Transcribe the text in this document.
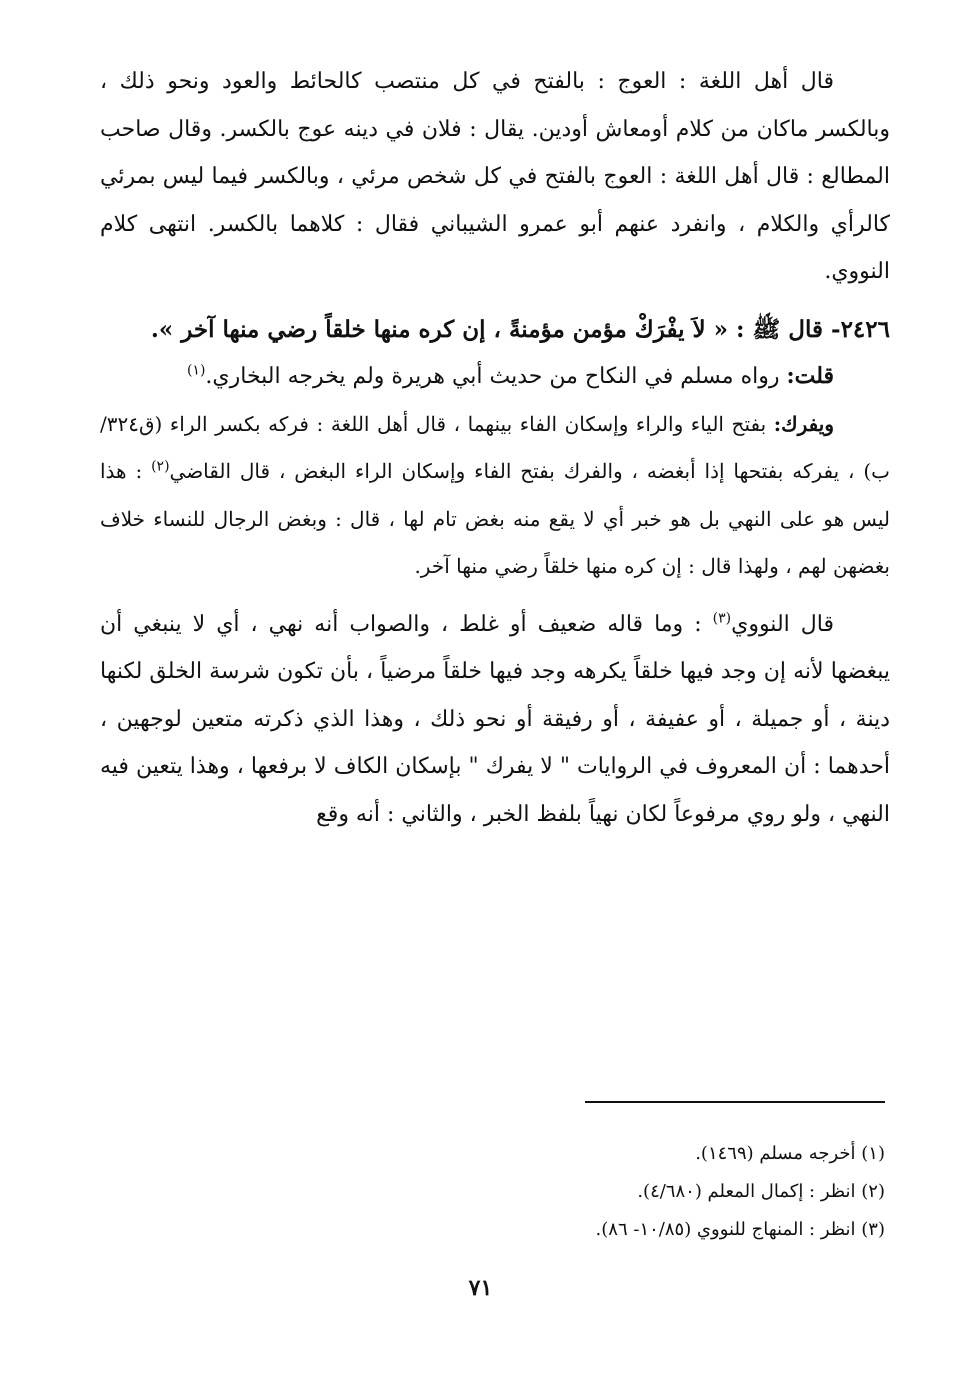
قال أهل اللغة : العوج : بالفتح في كل منتصب كالحائط والعود ونحو ذلك ، وبالكسر ماكان من كلام أومعاش أودين. يقال : فلان في دينه عوج بالكسر. وقال صاحب المطالع : قال أهل اللغة : العوج بالفتح في كل شخص مرئي ، وبالكسر فيما ليس بمرئي كالرأي والكلام ، وانفرد عنهم أبو عمرو الشيباني فقال : كلاهما بالكسر. انتهى كلام النووي.

٢٤٢٦- قال ﷺ : « لاَ يفْرَكْ مؤمن مؤمنةً ، إن كره منها خلقاً رضي منها آخر ».

قلت: رواه مسلم في النكاح من حديث أبي هريرة ولم يخرجه البخاري.$^{(١)}$

ويفرك: بفتح الياء والراء وإسكان الفاء بينهما ، قال أهل اللغة : فركه بكسر الراء (ق٣٢٤/ ب) ، يفركه بفتحها إذا أبغضه ، والفرك بفتح الفاء وإسكان الراء البغض ، قال القاضي$^{(٢)}$ : هذا ليس هو على النهي بل هو خبر أي لا يقع منه بغض تام لها ، قال : وبغض الرجال للنساء خلاف بغضهن لهم ، ولهذا قال : إن كره منها خلقاً رضي منها آخر.

قال النووي$^{(٣)}$ : وما قاله ضعيف أو غلط ، والصواب أنه نهي ، أي لا ينبغي أن يبغضها لأنه إن وجد فيها خلقاً يكرهه وجد فيها خلقاً مرضياً ، بأن تكون شرسة الخلق لكنها دينة ، أو جميلة ، أو عفيفة ، أو رفيقة أو نحو ذلك ، وهذا الذي ذكرته متعين لوجهين ، أحدهما : أن المعروف في الروايات " لا يفرك " بإسكان الكاف لا برفعها ، وهذا يتعين فيه النهي ، ولو روي مرفوعاً لكان نهياً بلفظ الخبر ، والثاني : أنه وقع

(١) أخرجه مسلم (١٤٦٩).

(٢) انظر : إكمال المعلم (٤/٦٨٠).

(٣) انظر : المنهاج للنووي (١٠/٨٥- ٨٦).

٧١
